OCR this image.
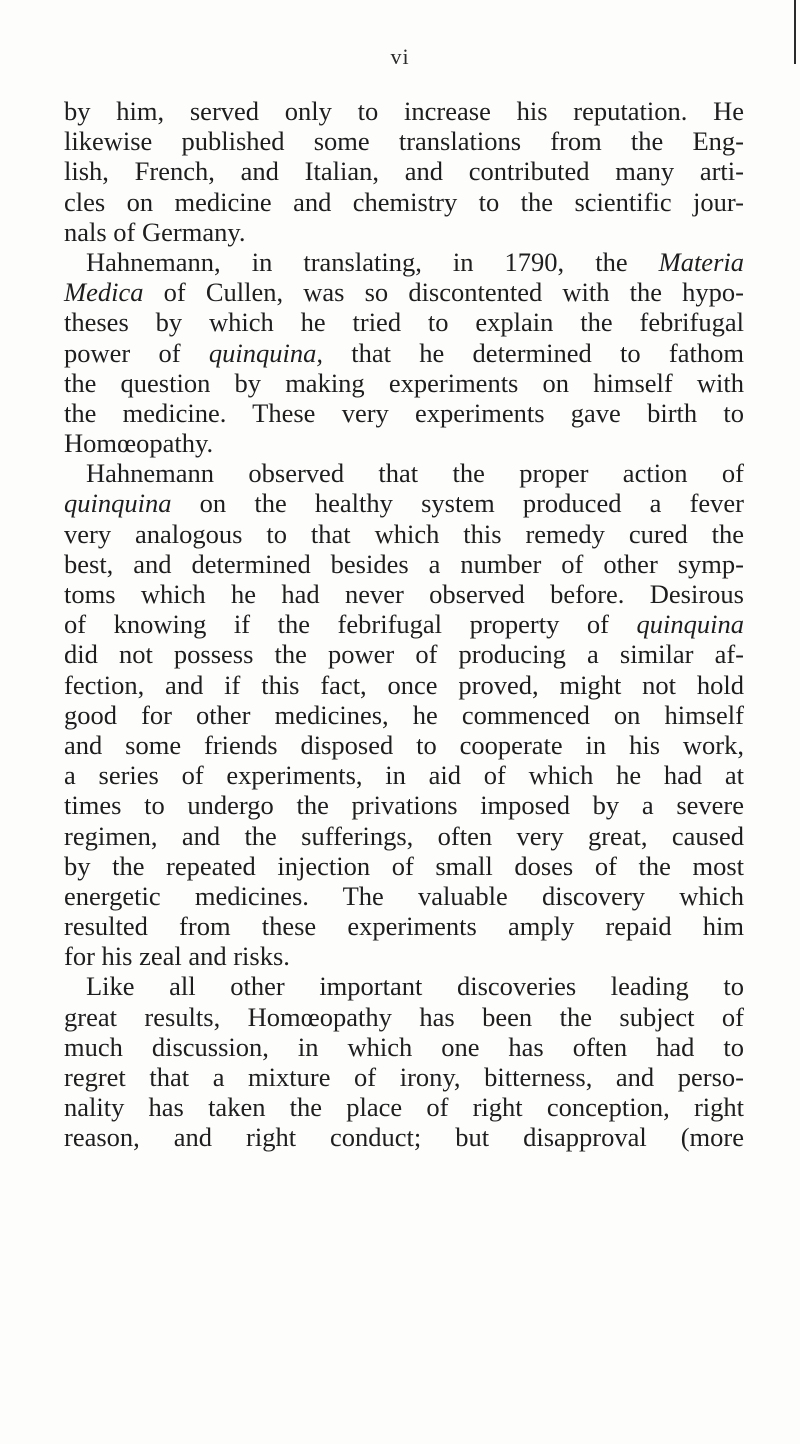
vi
by him, served only to increase his reputation. He
likewise published some translations from the Eng-
lish, French, and Italian, and contributed many arti-
cles on medicine and chemistry to the scientific jour-
nals of Germany.
Hahnemann, in translating, in 1790, the Materia
Medica of Cullen, was so discontented with the hypo-
theses by which he tried to explain the febrifugal
power of quinquina, that he determined to fathom
the question by making experiments on himself with
the medicine. These very experiments gave birth to
Homœopathy.
Hahnemann observed that the proper action of
quinquina on the healthy system produced a fever
very analogous to that which this remedy cured the
best, and determined besides a number of other symp-
toms which he had never observed before. Desirous
of knowing if the febrifugal property of quinquina
did not possess the power of producing a similar af-
fection, and if this fact, once proved, might not hold
good for other medicines, he commenced on himself
and some friends disposed to cooperate in his work,
a series of experiments, in aid of which he had at
times to undergo the privations imposed by a severe
regimen, and the sufferings, often very great, caused
by the repeated injection of small doses of the most
energetic medicines. The valuable discovery which
resulted from these experiments amply repaid him
for his zeal and risks.
Like all other important discoveries leading to
great results, Homœopathy has been the subject of
much discussion, in which one has often had to
regret that a mixture of irony, bitterness, and perso-
nality has taken the place of right conception, right
reason, and right conduct; but disapproval (more
